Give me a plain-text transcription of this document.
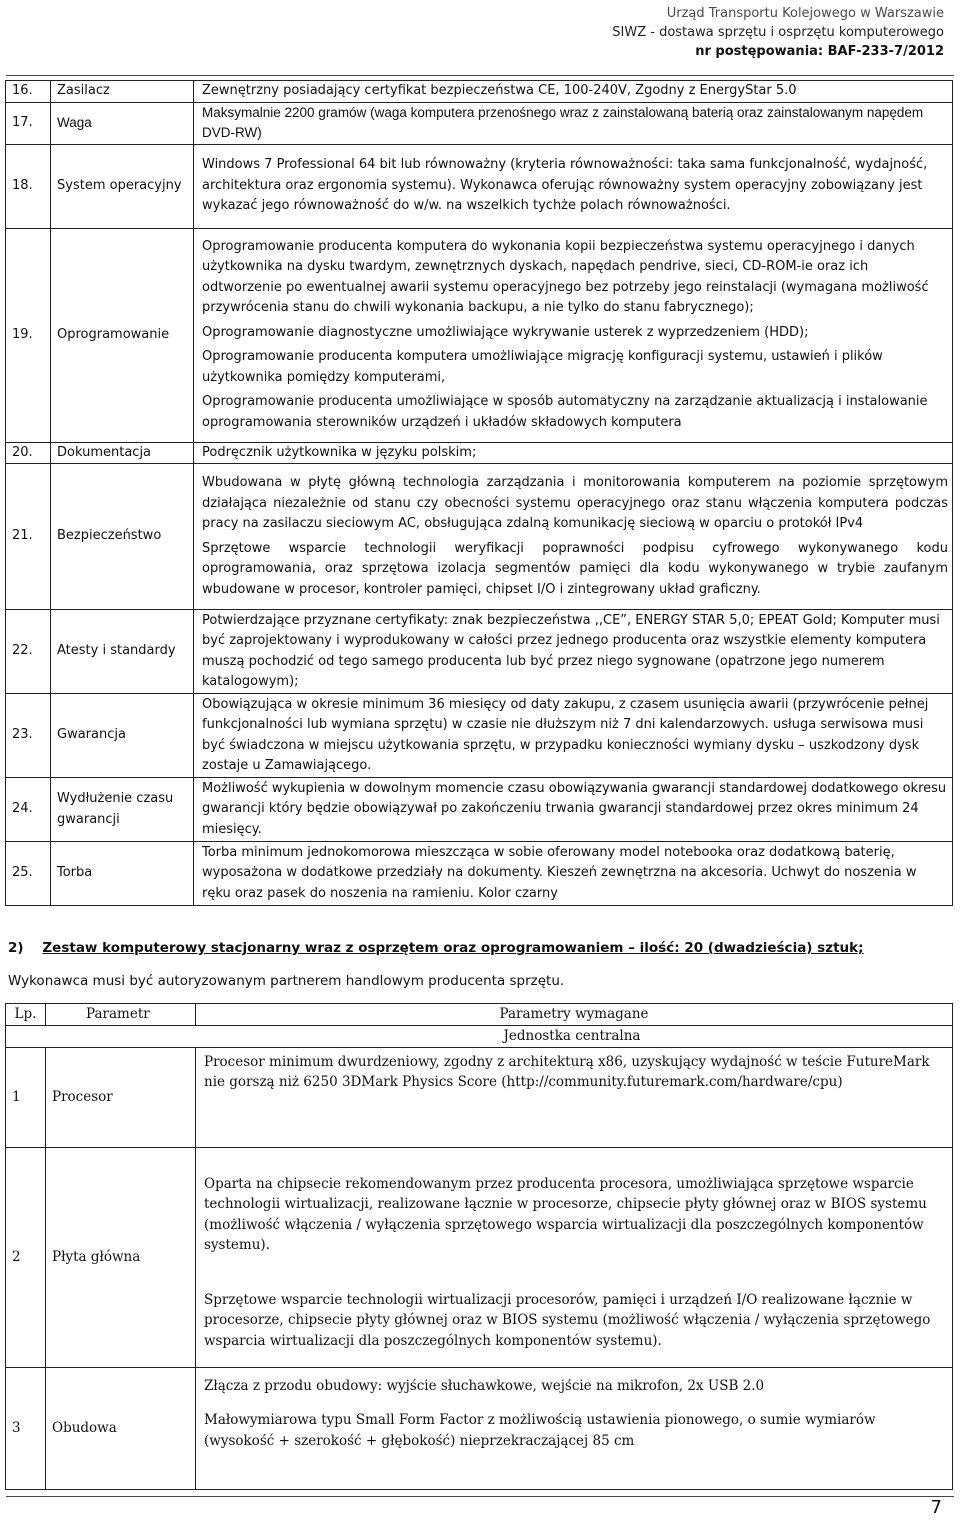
Urząd Transportu Kolejowego w Warszawie
SIWZ - dostawa sprzętu i osprzętu komputerowego
nr postępowania: BAF-233-7/2012
16.	Zasilacz	Zewnętrzny posiadający certyfikat bezpieczeństwa CE, 100-240V, Zgodny z EnergyStar 5.0
17.	Waga	Maksymalnie 2200 gramów (waga komputera przenośnego wraz z zainstalowaną baterią oraz zainstalowanym napędem DVD-RW)
18.	System operacyjny	Windows 7 Professional 64 bit lub równoważny (kryteria równoważności: taka sama funkcjonalność, wydajność, architektura oraz ergonomia systemu). Wykonawca oferując równoważny system operacyjny zobowiązany jest wykazać jego równoważność do w/w. na wszelkich tychże polach równoważności.
19.	Oprogramowanie	Oprogramowanie producenta komputera do wykonania kopii bezpieczeństwa systemu operacyjnego i danych użytkownika na dysku twardym, zewnętrznych dyskach, napędach pendrive, sieci, CD-ROM-ie oraz ich odtworzenie po ewentualnej awarii systemu operacyjnego bez potrzeby jego reinstalacji (wymagana możliwość przywrócenia stanu do chwili wykonania backupu, a nie tylko do stanu fabrycznego);
Oprogramowanie diagnostyczne umożliwiające wykrywanie usterek z wyprzedzeniem (HDD);
Oprogramowanie producenta komputera umożliwiające migrację konfiguracji systemu, ustawień i plików użytkownika pomiędzy komputerami,
Oprogramowanie producenta umożliwiające w sposób automatyczny na zarządzanie aktualizacją i instalowanie oprogramowania sterowników urządzeń i układów składowych komputera

20.	Dokumentacja	Podręcznik użytkownika w języku polskim;
21.	Bezpieczeństwo	Wbudowana w płytę główną technologia zarządzania i monitorowania komputerem na poziomie sprzętowym działająca niezależnie od stanu czy obecności systemu operacyjnego oraz stanu włączenia komputera podczas pracy na zasilaczu sieciowym AC, obsługująca zdalną komunikację sieciową w oparciu o protokół IPv4
Sprzętowe wsparcie technologii weryfikacji poprawności podpisu cyfrowego wykonywanego kodu oprogramowania, oraz sprzętowa izolacja segmentów pamięci dla kodu wykonywanego w trybie zaufanym wbudowane w procesor, kontroler pamięci, chipset I/O i zintegrowany układ graficzny.

22.	Atesty i standardy	Potwierdzające przyznane certyfikaty: znak bezpieczeństwa ,,CE”, ENERGY STAR 5,0; EPEAT Gold; Komputer musi być zaprojektowany i wyprodukowany w całości przez jednego producenta oraz wszystkie elementy komputera muszą pochodzić od tego samego producenta lub być przez niego sygnowane (opatrzone jego numerem katalogowym);
23.	Gwarancja	Obowiązująca w okresie minimum 36 miesięcy od daty zakupu, z czasem usunięcia awarii (przywrócenie pełnej funkcjonalności lub wymiana sprzętu) w czasie nie dłuższym niż 7 dni kalendarzowych. usługa serwisowa musi być świadczona w miejscu użytkowania sprzętu, w przypadku konieczności wymiany dysku – uszkodzony dysk zostaje u Zamawiającego.
24.	Wydłużenie czasu gwarancji	Możliwość wykupienia w dowolnym momencie czasu obowiązywania gwarancji standardowej dodatkowego okresu gwarancji który będzie obowiązywał po zakończeniu trwania gwarancji standardowej przez okres minimum 24 miesięcy.
25.	Torba	Torba minimum jednokomorowa mieszcząca w sobie oferowany model notebooka oraz dodatkową baterię, wyposażona w dodatkowe przedziały na dokumenty. Kieszeń zewnętrzna na akcesoria. Uchwyt do noszenia w ręku oraz pasek do noszenia na ramieniu. Kolor czarny
2) Zestaw komputerowy stacjonarny wraz z osprzętem oraz oprogramowaniem – ilość: 20 (dwadzieścia) sztuk;
Wykonawca musi być autoryzowanym partnerem handlowym producenta sprzętu.
Lp.	Parametr	Parametry wymagane
Jednostka centralna		
1	Procesor	Procesor minimum dwurdzeniowy, zgodny z architekturą x86, uzyskujący wydajność w teście FutureMark nie gorszą niż 6250 3DMark Physics Score (http://community.futuremark.com/hardware/cpu)

2	Płyta główna	Oparta na chipsecie rekomendowanym przez producenta procesora, umożliwiająca sprzętowe wsparcie technologii wirtualizacji, realizowane łącznie w procesorze, chipsecie płyty głównej oraz w BIOS systemu (możliwość włączenia / wyłączenia sprzętowego wsparcia wirtualizacji dla poszczególnych komponentów systemu).
Sprzętowe wsparcie technologii wirtualizacji procesorów, pamięci i urządzeń I/O realizowane łącznie w procesorze, chipsecie płyty głównej oraz w BIOS systemu (możliwość włączenia / wyłączenia sprzętowego wsparcia wirtualizacji dla poszczególnych komponentów systemu).

3	Obudowa	Złącza z przodu obudowy: wyjście słuchawkowe, wejście na mikrofon, 2x USB 2.0
Małowymiarowa typu Small Form Factor z możliwością ustawienia pionowego, o sumie wymiarów (wysokość + szerokość + głębokość) nieprzekraczającej 85 cm
7
